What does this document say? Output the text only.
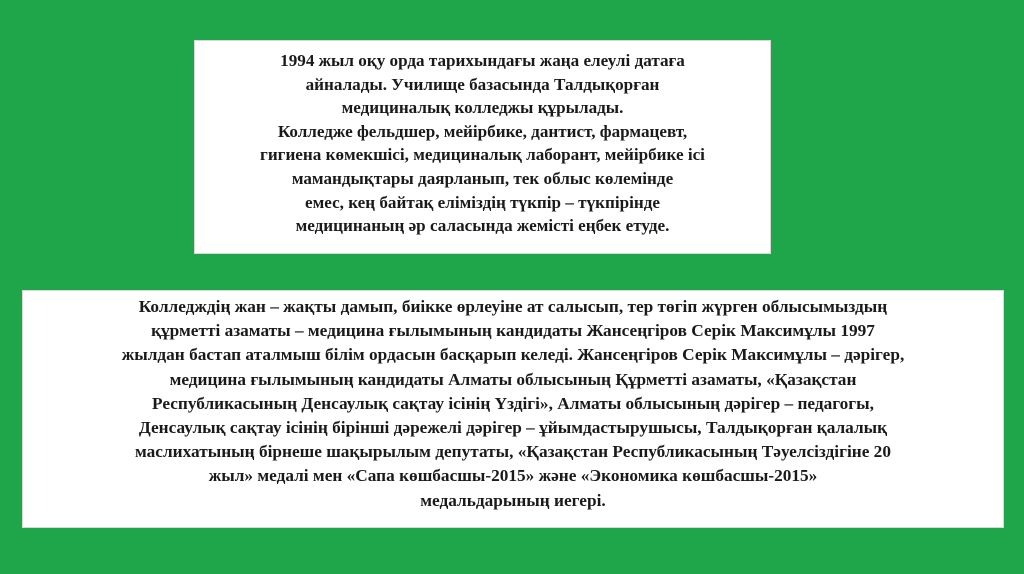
1994 жыл оқу орда тарихындағы жаңа елеулі датаға
айналады. Училище базасында Талдықорған
медициналық колледжы құрылады.
Колледже фельдшер, мейірбике, дантист, фармацевт,
гигиена көмекшісі, медициналық лаборант, мейірбике ісі
мамандықтары даярланып, тек облыс көлемінде
емес, кең байтақ еліміздің түкпір – түкпірінде
медицинаның әр саласында жемісті еңбек етуде.
Колледждің жан – жақты дамып, биікке өрлеуіне ат салысып, тер төгіп жүрген облысымыздың
құрметті азаматы – медицина ғылымының кандидаты Жансеңгіров Серік Максимұлы 1997
жылдан бастап аталмыш білім ордасын басқарып келеді. Жансеңгіров Серік Максимұлы – дәрігер,
медицина ғылымының кандидаты Алматы облысының Құрметті азаматы, «Қазақстан
Республикасының Денсаулық сақтау ісінің Үздігі», Алматы облысының дәрігер – педагогы,
Денсаулық сақтау ісінің бірінші дәрежелі дәрігер – ұйымдастырушысы, Талдықорған қалалық
маслихатының бірнеше шақырылым депутаты, «Қазақстан Республикасының Тәуелсіздігіне 20
жыл» медалі мен «Сапа көшбасшы-2015» және «Экономика көшбасшы-2015»
медальдарының иегері.
